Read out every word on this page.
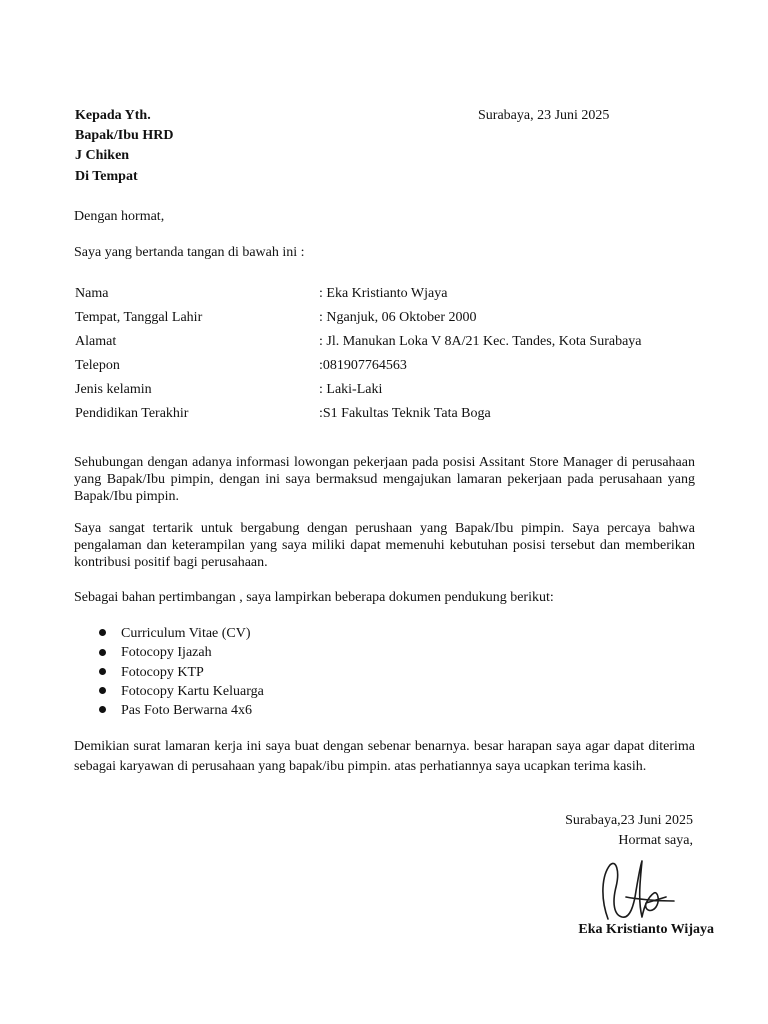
Kepada Yth.
Bapak/Ibu HRD
J Chiken
Di Tempat
Surabaya, 23 Juni 2025
Dengan hormat,
Saya yang bertanda tangan di bawah ini :
Nama	: Eka Kristianto Wjaya
Tempat, Tanggal Lahir	: Nganjuk, 06 Oktober 2000
Alamat	: Jl. Manukan Loka V 8A/21 Kec. Tandes, Kota Surabaya
Telepon	:081907764563
Jenis kelamin	: Laki-Laki
Pendidikan Terakhir	:S1 Fakultas Teknik Tata Boga
Sehubungan dengan adanya informasi lowongan pekerjaan pada posisi Assitant Store Manager di perusahaan yang Bapak/Ibu pimpin, dengan ini saya bermaksud mengajukan lamaran pekerjaan pada perusahaan yang Bapak/Ibu pimpin.
Saya sangat tertarik untuk bergabung dengan perushaan yang Bapak/Ibu pimpin. Saya percaya bahwa pengalaman dan keterampilan yang saya miliki dapat memenuhi kebutuhan posisi tersebut dan memberikan kontribusi positif bagi perusahaan.
Sebagai bahan pertimbangan , saya lampirkan beberapa dokumen pendukung berikut:
Curriculum Vitae (CV)
Fotocopy Ijazah
Fotocopy KTP
Fotocopy Kartu Keluarga
Pas Foto Berwarna 4x6
Demikian surat lamaran kerja ini saya buat dengan sebenar benarnya. besar harapan saya agar dapat diterima sebagai karyawan di perusahaan yang bapak/ibu pimpin. atas perhatiannya saya ucapkan terima kasih.
Surabaya,23 Juni 2025
Hormat saya,
Eka Kristianto Wijaya
